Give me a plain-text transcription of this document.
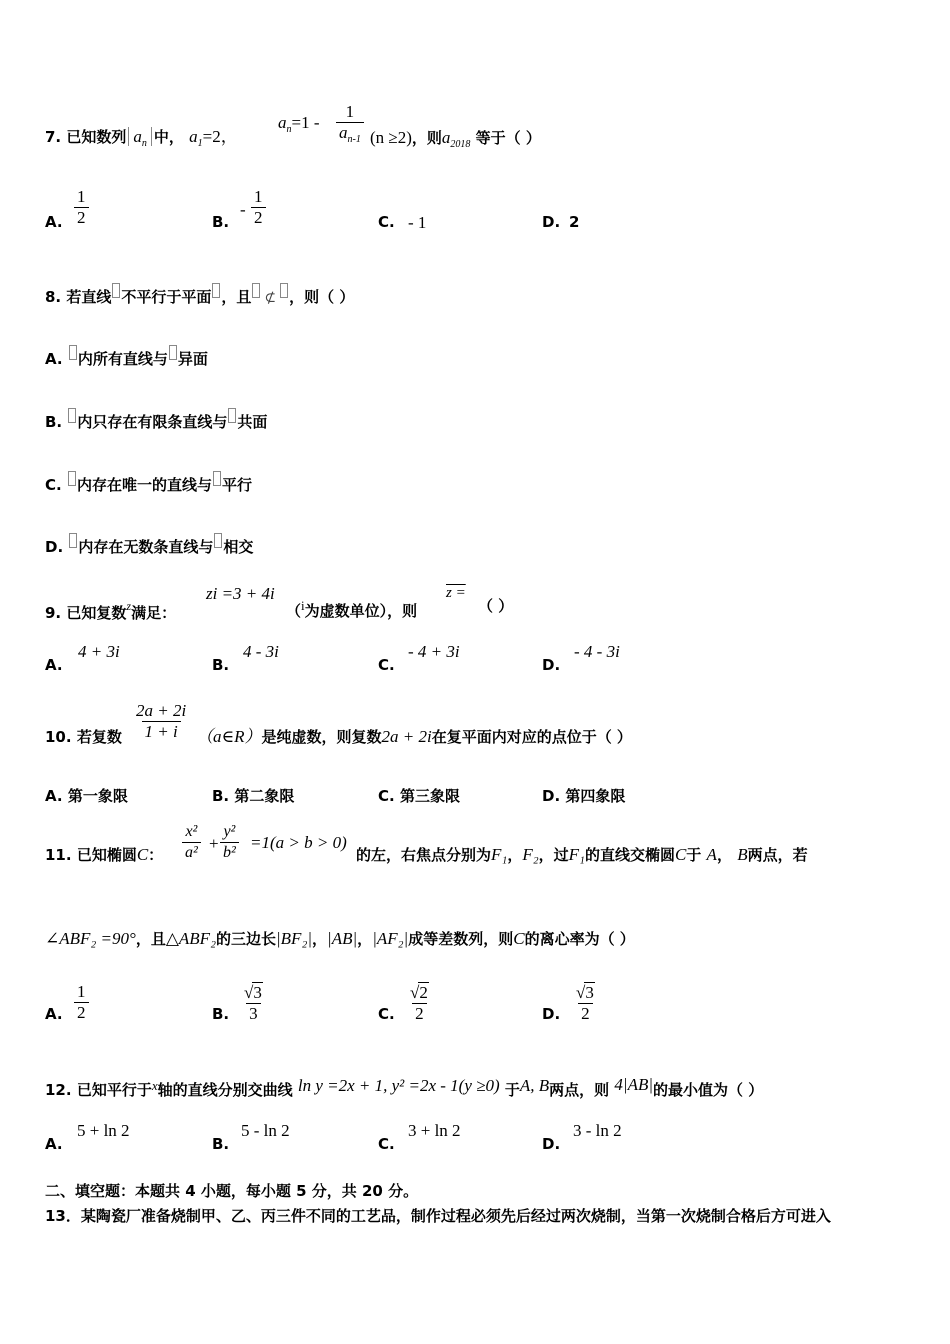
7. 已知数列 $a_n$ 中， $a_1=2$，
$a_n=1 - \frac{1}{a_{n-1}} (n \ge 2)$，则$a_{2018}$ 等于（ ）
A. $\frac{1}{2}$	B.
- $\frac{1}{2}$	C. - 1	D. 2
8. 若直线 不平行于平面 ，且 ⊄ ，则（ ）
A. 内所有直线与 异面
B. 内只存在有限条直线与 共面
C. 内存在唯一的直线与 平行
D. 内存在无数条直线与 相交
9. 已知复数$^z$满足：
zi =3 + 4i
（i为虚数单位），则
z =
（ ）
A.
4 + 3i
B.
4 - 3i
C.
- 4 + 3i
D.
- 4 - 3i
10. 若复数 $\frac{2a + 2i}{1 + i}$ （a∈R）是纯虚数，则复数2a + 2i在复平面内对应的点位于（ ）
A. 第一象限	B. 第二象限	C. 第三象限	D. 第四象限
11. 已知椭圆C： $\frac{\text{x²}}{\text{a²}} + \frac{\text{y²}}{\text{b²}} =1(a > b > 0)$
的左，右焦点分别为F₁，F₂，过F₁的直线交椭圆C于 A， B两点，若
∠ABF₂ =90°，且△ABF₂的三边长|BF₂|，|AB|，|AF₂|成等差数列，则C的离心率为（ ）
A. $\frac{1}{2}$	B. $\frac{√3}{3}$	C. $\frac{√2}{2}$	D. $\frac{√3}{2}$
12. 已知平行于x轴的直线分别交曲线 ln y =2x + 1, y² =2x - 1(y ≥0) 于A, B两点，则 4|AB|的最小值为（ ）
A.
5 + ln 2
B.
5 - ln 2
C.
3 + ln 2
D.
3 - ln 2
二、填空题：本题共 4 小题，每小题 5 分，共 20 分。
13．某陶瓷厂准备烧制甲、乙、丙三件不同的工艺品，制作过程必须先后经过两次烧制，当第一次烧制合格后方可进入
